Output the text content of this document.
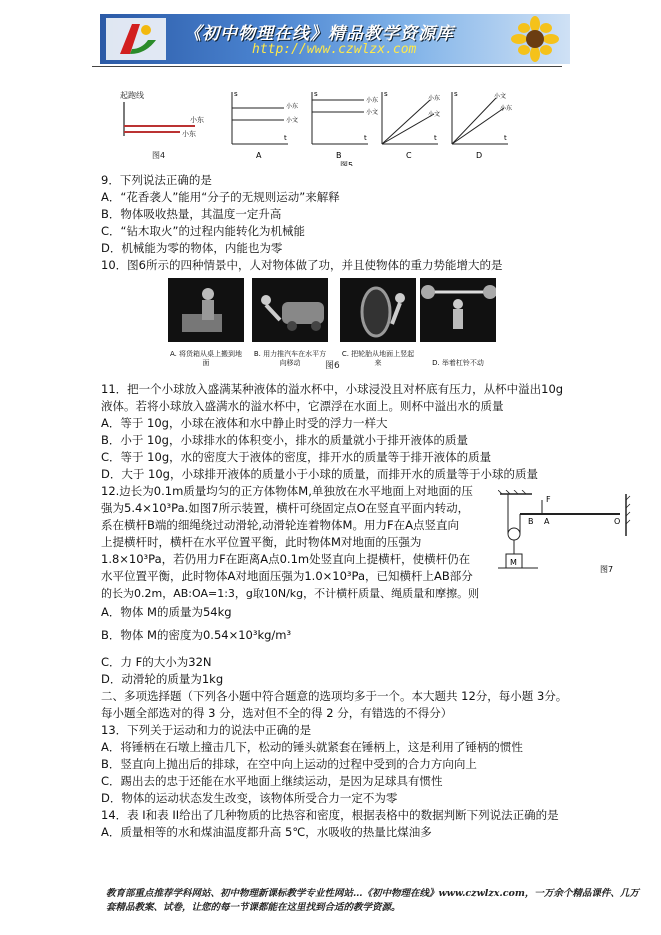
《初中物理在线》精品教学资源库
http://www.czwlzx.com
起跑线
小东
小东
图4
s
t
小东
小文
A
s
t
小东
小文
B
图5
s
t
小东
小文
C
s
t
小文
小东
D
9．下列说法正确的是
A．“花香袭人”能用“分子的无规则运动”来解释
B．物体吸收热量，其温度一定升高
C．“钻木取火”的过程内能转化为机械能
D．机械能为零的物体，内能也为零
10．图6所示的四种情景中，人对物体做了功，并且使物体的重力势能增大的是
A. 将货箱从桌上搬到地面
B. 用力推汽车在水平方向移动
C. 把轮胎从地面上竖起来	D. 举着杠铃不动
图6
11．把一个小球放入盛满某种液体的溢水杯中，小球浸没且对杯底有压力，从杯中溢出10g
液体。若将小球放入盛满水的溢水杯中，它漂浮在水面上。则杯中溢出水的质量
A．等于 10g，小球在液体和水中静止时受的浮力一样大
B．小于 10g，小球排水的体积变小，排水的质量就小于排开液体的质量
C．等于 10g，水的密度大于液体的密度，排开水的质量等于排开液体的质量
D．大于 10g，小球排开液体的质量小于小球的质量，而排开水的质量等于小球的质量
12.边长为0.1m质量均匀的正方体物体M,单独放在水平地面上对地面的压
强为5.4×10³Pa.如图7所示装置，横杆可绕固定点O在竖直平面内转动，
系在横杆B端的细绳绕过动滑轮,动滑轮连着物体M。用力F在A点竖直向
上提横杆时，横杆在水平位置平衡，此时物体M对地面的压强为
1.8×10³Pa，若仍用力F在距离A点0.1m处竖直向上提横杆，使横杆仍在
水平位置平衡，此时物体A对地面压强为1.0×10³Pa，已知横杆上AB部分
的长为0.2m，AB:OA=1:3，g取10N/kg，不计横杆质量、绳质量和摩擦。则
A．物体 M的质量为54kg
B．物体 M的密度为0.54×10³kg/m³
C．力 F的大小为32N
D．动滑轮的质量为1kg
M
F
B A	O
图7
二、多项选择题（下列各小题中符合题意的选项均多于一个。本大题共 12分，每小题 3分。
每小题全部选对的得 3 分，选对但不全的得 2 分，有错选的不得分）
13．下列关于运动和力的说法中正确的是
A．将锤柄在石墩上撞击几下，松动的锤头就紧套在锤柄上，这是利用了锤柄的惯性
B．竖直向上抛出后的排球，在空中向上运动的过程中受到的合力方向向上
C．踢出去的忠于还能在水平地面上继续运动，是因为足球具有惯性
D．物体的运动状态发生改变，该物体所受合力一定不为零
14．表 I和表 II给出了几种物质的比热容和密度，根据表格中的数据判断下列说法正确的是
A．质量相等的水和煤油温度都升高 5℃，水吸收的热量比煤油多
教育部重点推荐学科网站、初中物理新课标教学专业性网站…《初中物理在线》www.czwlzx.com，一万余个精品课件、几万套精品教案、试卷，让您的每一节课都能在这里找到合适的教学资源。
